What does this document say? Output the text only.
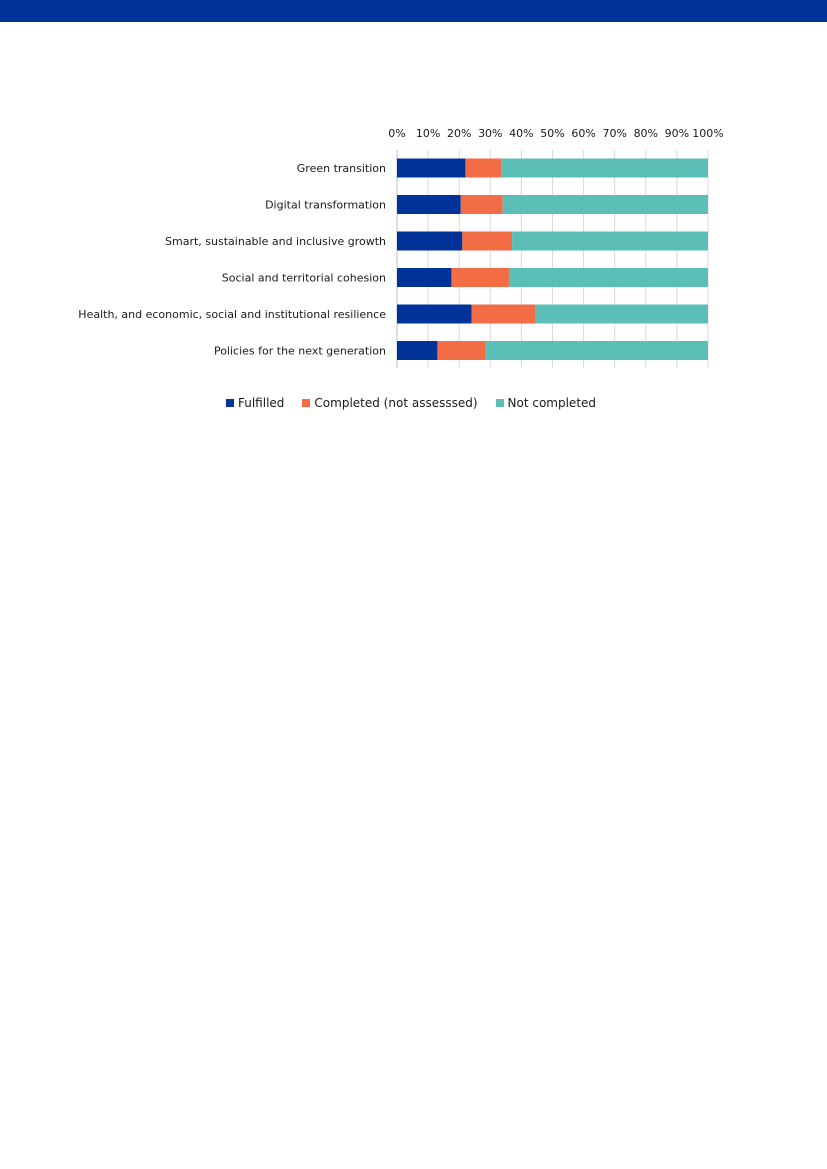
0% 10% 20% 30% 40% 50% 60% 70% 80% 90% 100%
Green transition
Digital transformation
Smart, sustainable and inclusive growth
Social and territorial cohesion
Health, and economic, social and institutional resilience
Policies for the next generation
Fulfilled	Completed (not assesssed)	Not completed
